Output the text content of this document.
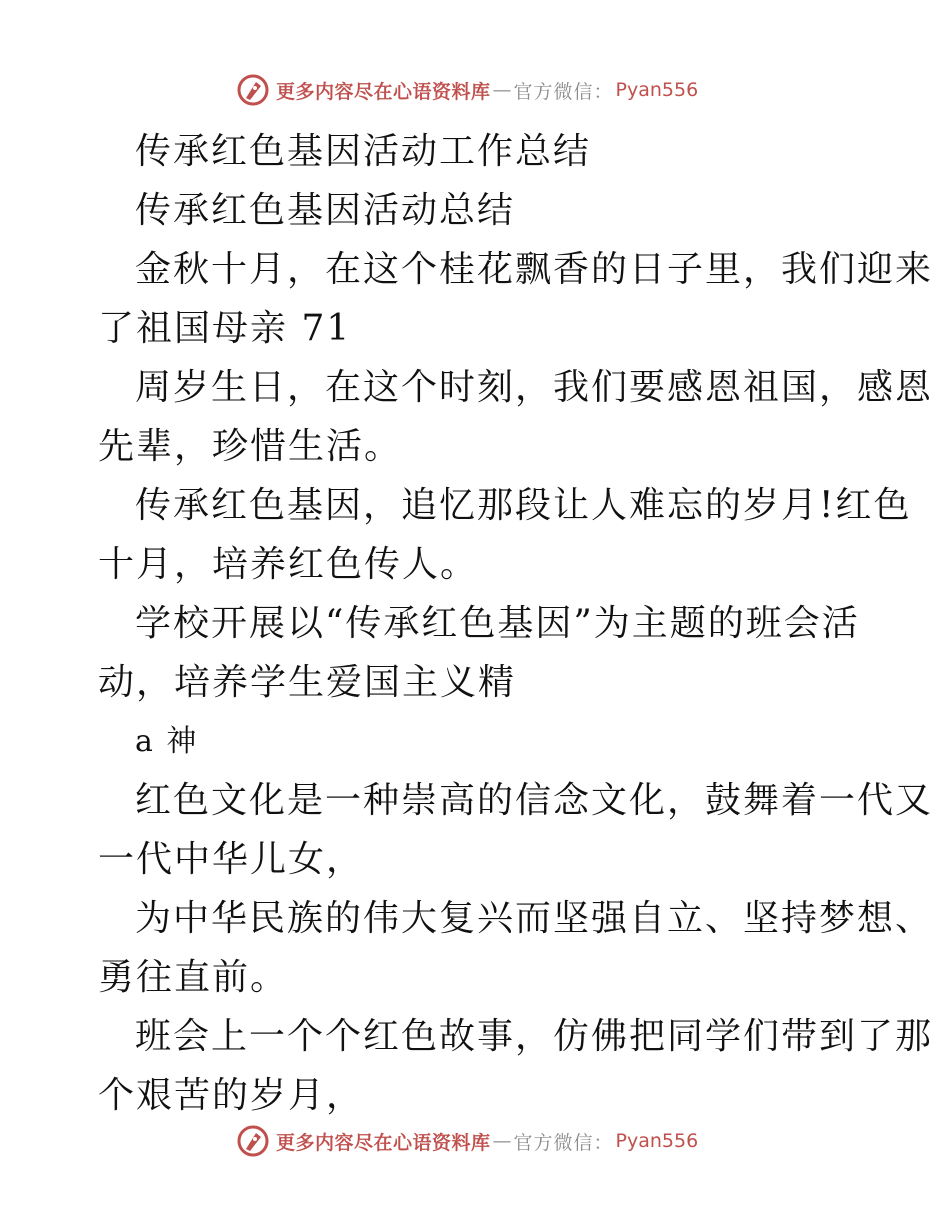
更多内容尽在心语资料库 — 官方微信： Pyan556
传承红色基因活动工作总结
传承红色基因活动总结
金秋十月，在这个桂花飘香的日子里，我们迎来
了祖国母亲 71
周岁生日，在这个时刻，我们要感恩祖国，感恩
先辈，珍惜生活。
传承红色基因，追忆那段让人难忘的岁月!红色
十月，培养红色传人。
学校开展以“传承红色基因”为主题的班会活
动，培养学生爱国主义精
a 神
红色文化是一种崇高的信念文化，鼓舞着一代又
一代中华儿女，
为中华民族的伟大复兴而坚强自立、坚持梦想、
勇往直前。
班会上一个个红色故事，仿佛把同学们带到了那
个艰苦的岁月，
更多内容尽在心语资料库 — 官方微信： Pyan556
